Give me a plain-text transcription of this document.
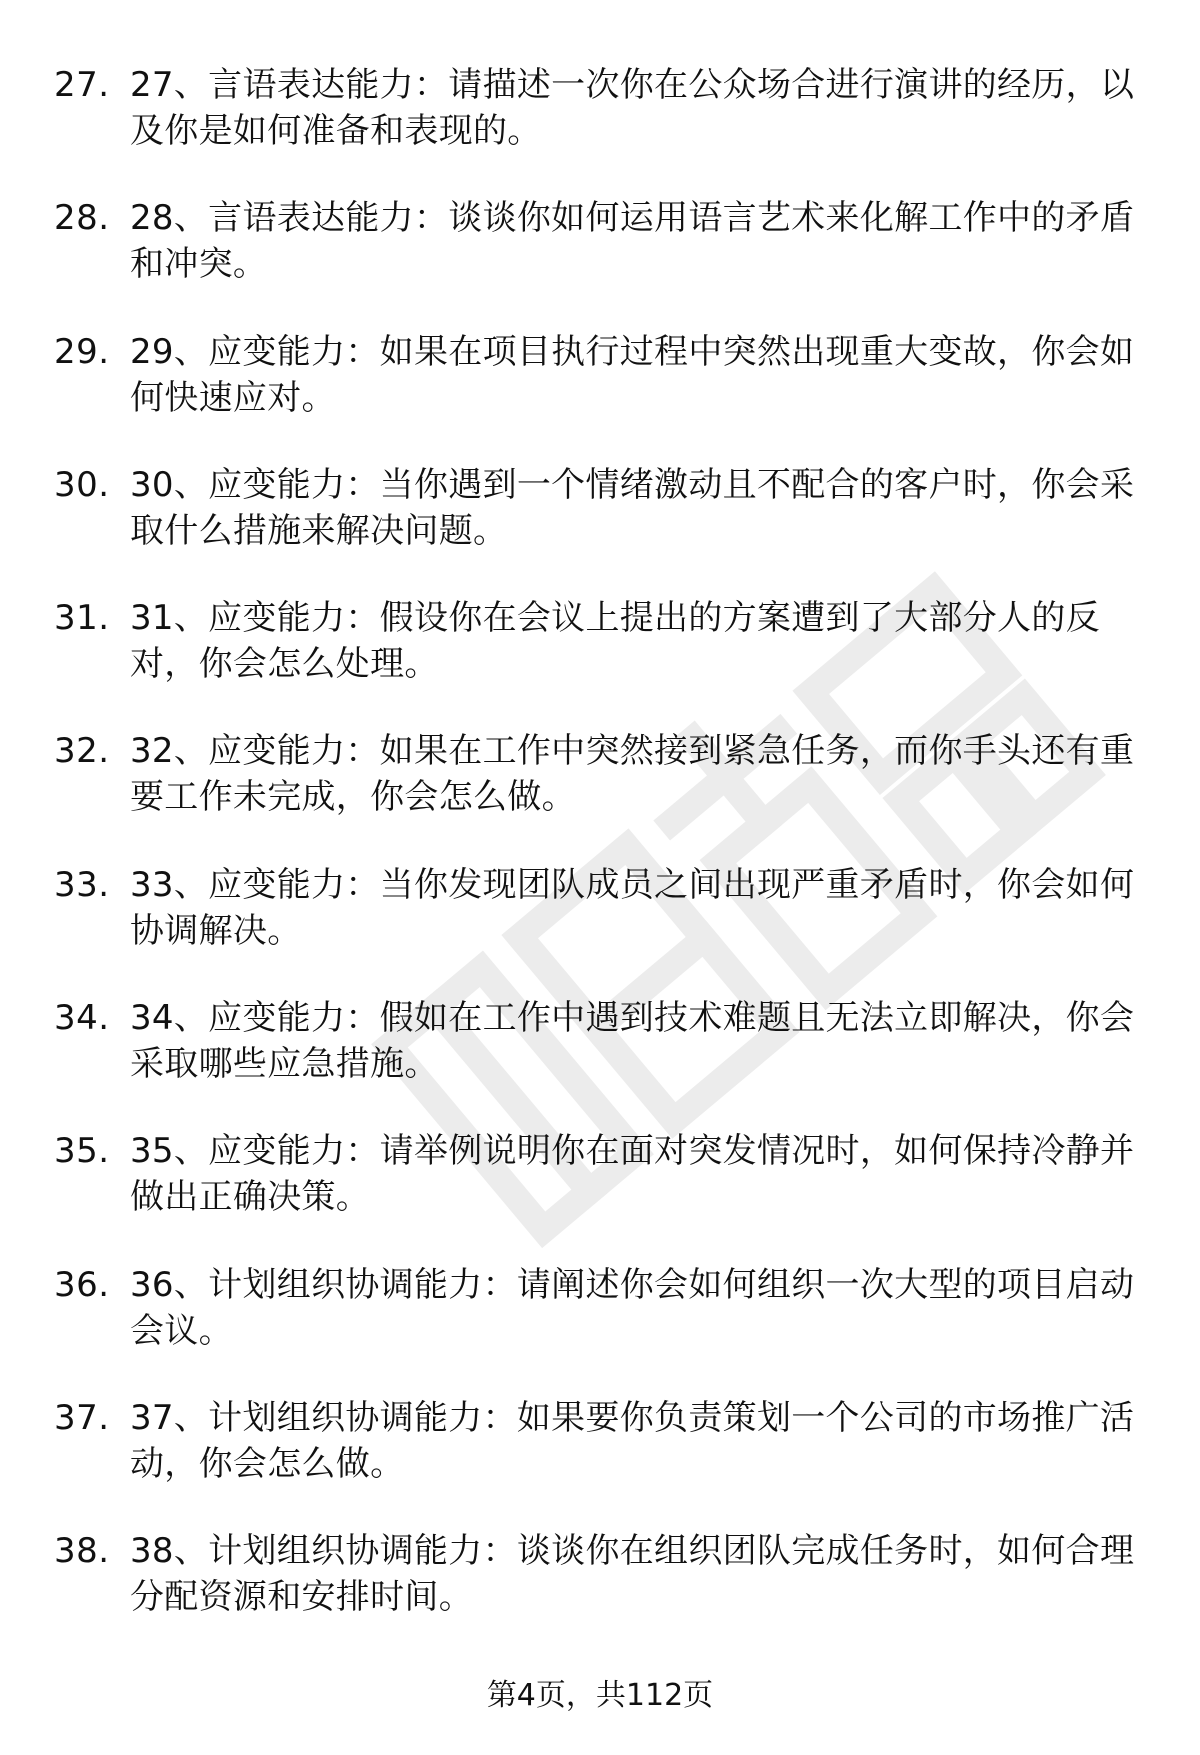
27. 27、言语表达能力：请描述一次你在公众场合进行演讲的经历，以及你是如何准备和表现的。
28. 28、言语表达能力：谈谈你如何运用语言艺术来化解工作中的矛盾和冲突。
29. 29、应变能力：如果在项目执行过程中突然出现重大变故，你会如何快速应对。
30. 30、应变能力：当你遇到一个情绪激动且不配合的客户时，你会采取什么措施来解决问题。
31. 31、应变能力：假设你在会议上提出的方案遭到了大部分人的反对，你会怎么处理。
32. 32、应变能力：如果在工作中突然接到紧急任务，而你手头还有重要工作未完成，你会怎么做。
33. 33、应变能力：当你发现团队成员之间出现严重矛盾时，你会如何协调解决。
34. 34、应变能力：假如在工作中遇到技术难题且无法立即解决，你会采取哪些应急措施。
35. 35、应变能力：请举例说明你在面对突发情况时，如何保持冷静并做出正确决策。
36. 36、计划组织协调能力：请阐述你会如何组织一次大型的项目启动会议。
37. 37、计划组织协调能力：如果要你负责策划一个公司的市场推广活动，你会怎么做。
38. 38、计划组织协调能力：谈谈你在组织团队完成任务时，如何合理分配资源和安排时间。
第4页，共112页
